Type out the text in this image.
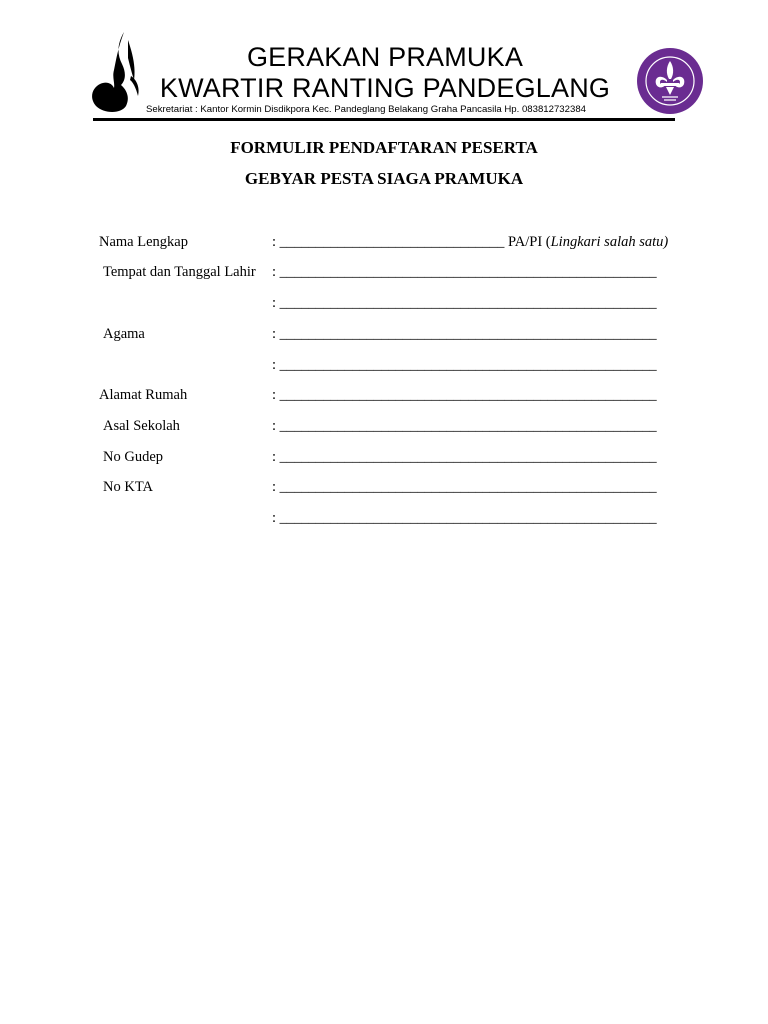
GERAKAN PRAMUKA
KWARTIR RANTING PANDEGLANG
Sekretariat : Kantor Kormin Disdikpora Kec. Pandeglang Belakang Graha Pancasila Hp. 083812732384
FORMULIR PENDAFTARAN PESERTA
GEBYAR PESTA SIAGA PRAMUKA
Nama Lengkap	: _______________________________ PA/PI (Lingkari salah satu)
Tempat dan Tanggal Lahir : ____________________________________________________
: ____________________________________________________
Agama	: ____________________________________________________
: ____________________________________________________
Alamat Rumah	: ____________________________________________________
Asal Sekolah	: ____________________________________________________
No Gudep	: ____________________________________________________
No KTA	: ____________________________________________________
: ____________________________________________________
